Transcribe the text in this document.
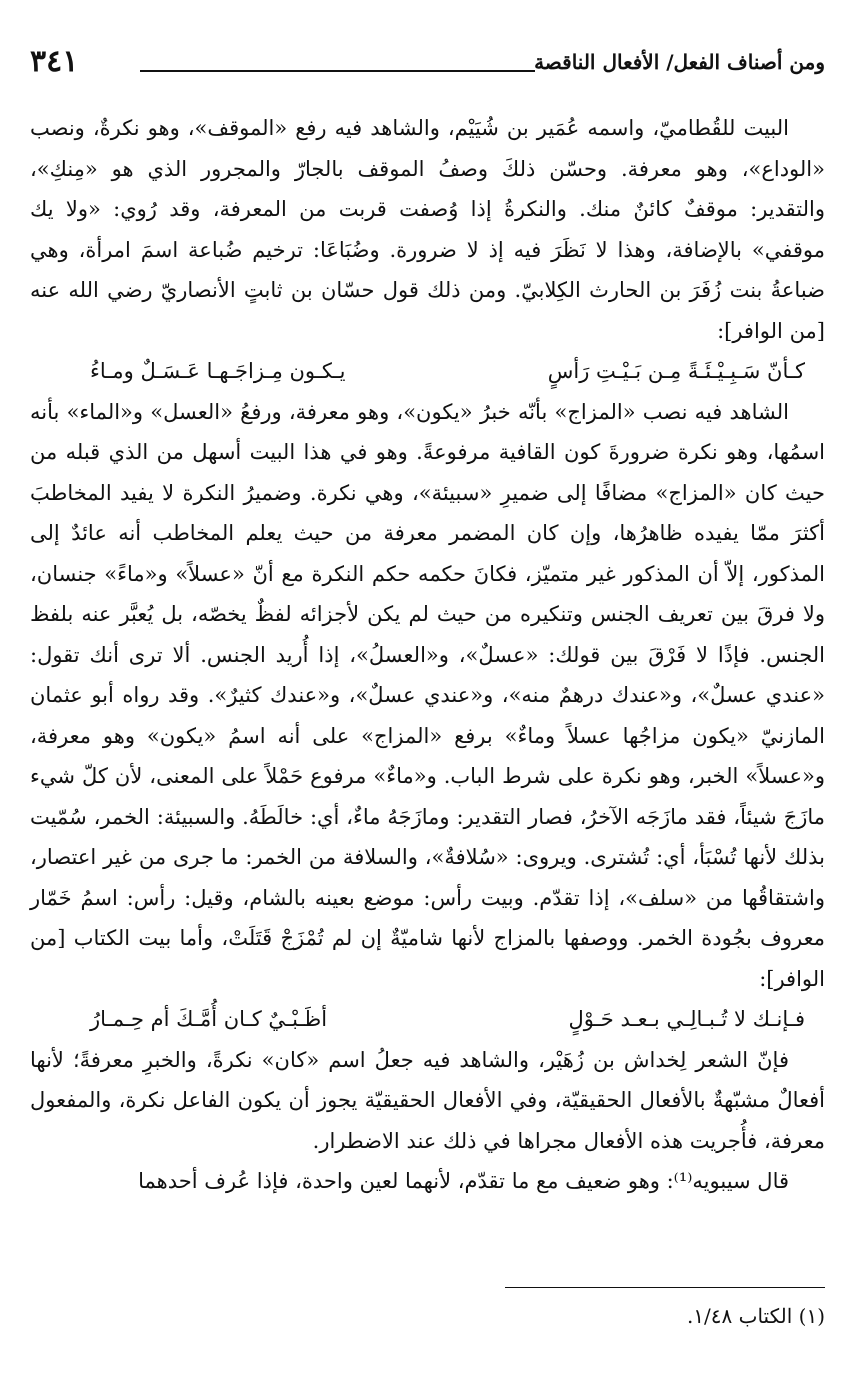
ومن أصناف الفعل/ الأفعال الناقصة
٣٤١

البيت للقُطاميّ، واسمه عُمَير بن شُيَيْم، والشاهد فيه رفع «الموقف»، وهو نكرةٌ، ونصب «الوداع»، وهو معرفة. وحسّن ذلكَ وصفُ الموقف بالجارّ والمجرور الذي هو «مِنكِ»، والتقدير: موقفٌ كائنٌ منك. والنكرةُ إذا وُصفت قربت من المعرفة، وقد رُوي: «ولا يك موقفي» بالإضافة، وهذا لا نَظَرَ فيه إذ لا ضرورة. وضُبَاعَا: ترخيم ضُباعة اسمَ امرأة، وهي ضباعةُ بنت زُفَرَ بن الحارث الكِلابيّ. ومن ذلك قول حسّان بن ثابتٍ الأنصاريّ رضي الله عنه [من الوافر]:

كـأنّ سَـبِـيْـئَـةً مِـن بَـيْـتِ رَأسٍ
يـكـون مِـزاجَـهـا عَـسَـلٌ ومـاءُ

الشاهد فيه نصب «المزاج» بأنّه خبرُ «يكون»، وهو معرفة، ورفعُ «العسل» و«الماء» بأنه اسمُها، وهو نكرة ضرورةَ كون القافية مرفوعةً. وهو في هذا البيت أسهل من الذي قبله من حيث كان «المزاج» مضافًا إلى ضميرِ «سبيئة»، وهي نكرة. وضميرُ النكرة لا يفيد المخاطبَ أكثرَ ممّا يفيده ظاهرُها، وإن كان المضمر معرفة من حيث يعلم المخاطب أنه عائدٌ إلى المذكور، إلاّ أن المذكور غير متميّز، فكانَ حكمه حكم النكرة مع أنّ «عسلاً» و«ماءً» جنسان، ولا فرقَ بين تعريف الجنس وتنكيره من حيث لم يكن لأجزائه لفظٌ يخصّه، بل يُعبَّر عنه بلفظ الجنس. فإذًا لا فَرْقَ بين قولك: «عسلٌ»، و«العسلُ»، إذا أُريد الجنس. ألا ترى أنك تقول: «عندي عسلٌ»، و«عندك درهمٌ منه»، و«عندي عسلٌ»، و«عندك كثيرٌ». وقد رواه أبو عثمان المازنيّ «يكون مزاجُها عسلاً وماءٌ» برفع «المزاج» على أنه اسمُ «يكون» وهو معرفة، و«عسلاً» الخبر، وهو نكرة على شرط الباب. و«ماءٌ» مرفوع حَمْلاً على المعنى، لأن كلّ شيء مازَجَ شيئاً، فقد مازَجَه الآخرُ، فصار التقدير: ومازَجَهُ ماءٌ، أي: خالَطَهُ. والسبيئة: الخمر، سُمّيت بذلك لأنها تُسْبَأ، أي: تُشترى. ويروى: «سُلافةٌ»، والسلافة من الخمر: ما جرى من غير اعتصار، واشتقاقُها من «سلف»، إذا تقدّم. وبيت رأس: موضع بعينه بالشام، وقيل: رأس: اسمُ خَمّار معروف بجُودة الخمر. ووصفها بالمزاج لأنها شاميّةٌ إن لم تُمْزَجْ قَتَلَتْ، وأما بيت الكتاب [من الوافر]:

فـإنـك لا تُـبـالِـي بـعـد حَـوْلٍ
أظَـبْـيٌ كـان أُمَّـكَ أم حِـمـارُ

فإنّ الشعر لِخداش بن زُهَيْر، والشاهد فيه جعلُ اسم «كان» نكرةً، والخبرِ معرفةً؛ لأنها أفعالٌ مشبّهةٌ بالأفعال الحقيقيّة، وفي الأفعال الحقيقيّة يجوز أن يكون الفاعل نكرة، والمفعول معرفة، فأُجريت هذه الأفعال مجراها في ذلك عند الاضطرار.

قال سيبويه⁽¹⁾: وهو ضعيف مع ما تقدّم، لأنهما لعين واحدة، فإذا عُرف أحدهما

(١) الكتاب ١/٤٨.
